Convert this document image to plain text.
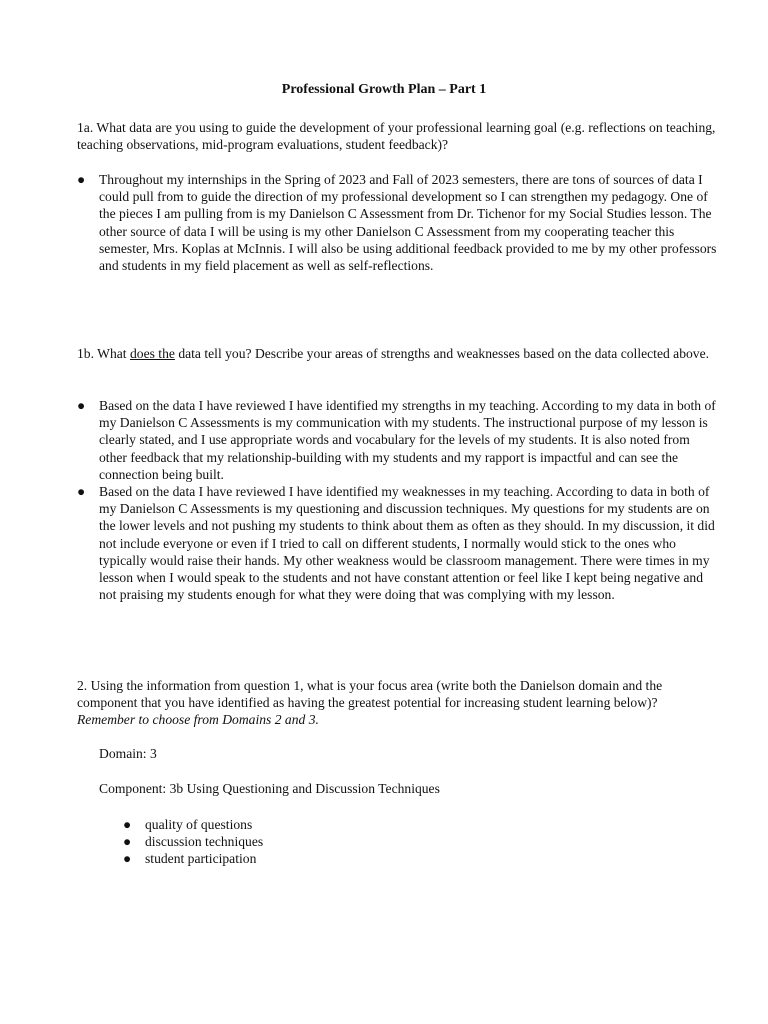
Professional Growth Plan – Part 1

1a. What data are you using to guide the development of your professional learning goal (e.g. reflections on teaching, teaching observations, mid-program evaluations, student feedback)?

● Throughout my internships in the Spring of 2023 and Fall of 2023 semesters, there are tons of sources of data I could pull from to guide the direction of my professional development so I can strengthen my pedagogy. One of the pieces I am pulling from is my Danielson C Assessment from Dr. Tichenor for my Social Studies lesson. The other source of data I will be using is my other Danielson C Assessment from my cooperating teacher this semester, Mrs. Koplas at McInnis. I will also be using additional feedback provided to me by my other professors and students in my field placement as well as self-reflections.

1b. What does the data tell you? Describe your areas of strengths and weaknesses based on the data collected above.

● Based on the data I have reviewed I have identified my strengths in my teaching. According to my data in both of my Danielson C Assessments is my communication with my students. The instructional purpose of my lesson is clearly stated, and I use appropriate words and vocabulary for the levels of my students. It is also noted from other feedback that my relationship-building with my students and my rapport is impactful and can see the connection being built.
● Based on the data I have reviewed I have identified my weaknesses in my teaching. According to data in both of my Danielson C Assessments is my questioning and discussion techniques. My questions for my students are on the lower levels and not pushing my students to think about them as often as they should. In my discussion, it did not include everyone or even if I tried to call on different students, I normally would stick to the ones who typically would raise their hands. My other weakness would be classroom management. There were times in my lesson when I would speak to the students and not have constant attention or feel like I kept being negative and not praising my students enough for what they were doing that was complying with my lesson.

2. Using the information from question 1, what is your focus area (write both the Danielson domain and the component that you have identified as having the greatest potential for increasing student learning below)? Remember to choose from Domains 2 and 3.

Domain: 3

Component: 3b Using Questioning and Discussion Techniques

● quality of questions
● discussion techniques
● student participation
